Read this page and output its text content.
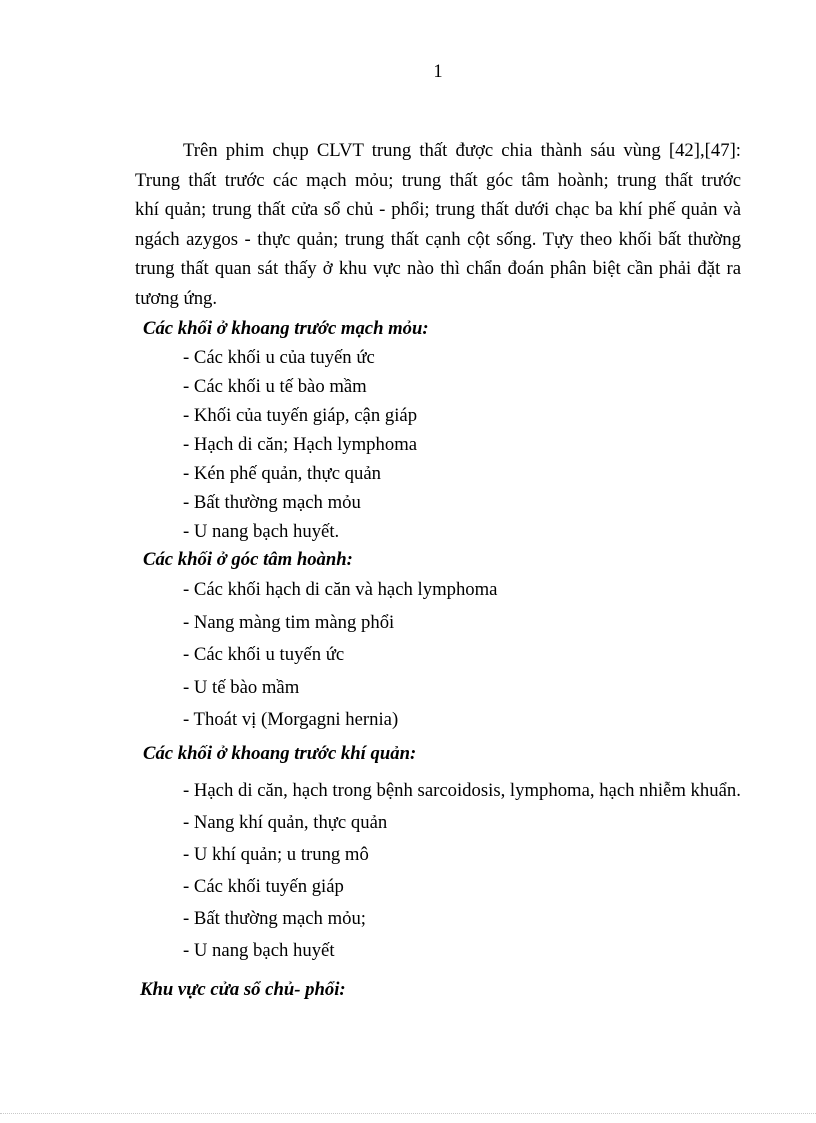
1
Trên phim chụp CLVT trung thất được chia thành sáu vùng [42],[47]:
Trung thất trước các mạch mỏu; trung thất góc tâm hoành; trung thất trước
khí quản; trung thất cửa sổ chủ - phổi; trung thất dưới chạc ba khí phế quản và
ngách azygos - thực quản; trung thất cạnh cột sống. Tựy theo khối bất thường
trung thất quan sát thấy ở khu vực nào thì chẩn đoán phân biệt cần phải đặt ra
tương ứng.
Các khối ở khoang trước mạch mỏu:
- Các khối u của tuyến ức
- Các khối u tế bào mầm
- Khối của tuyến giáp, cận giáp
- Hạch di căn; Hạch lymphoma
- Kén phế quản, thực quản
- Bất thường mạch mỏu
- U nang bạch huyết.
Các khối ở góc tâm hoành:
- Các khối hạch di căn và hạch lymphoma
- Nang màng tim màng phổi
- Các khối u tuyến ức
- U tế bào mầm
- Thoát vị (Morgagni hernia)
Các khối ở khoang trước khí quản:
- Hạch di căn, hạch trong bệnh sarcoidosis, lymphoma, hạch nhiễm khuẩn.
- Nang khí quản, thực quản
- U khí quản; u trung mô
- Các khối tuyến giáp
- Bất thường mạch mỏu;
- U nang bạch huyết
Khu vực cửa sổ chủ- phổi:
